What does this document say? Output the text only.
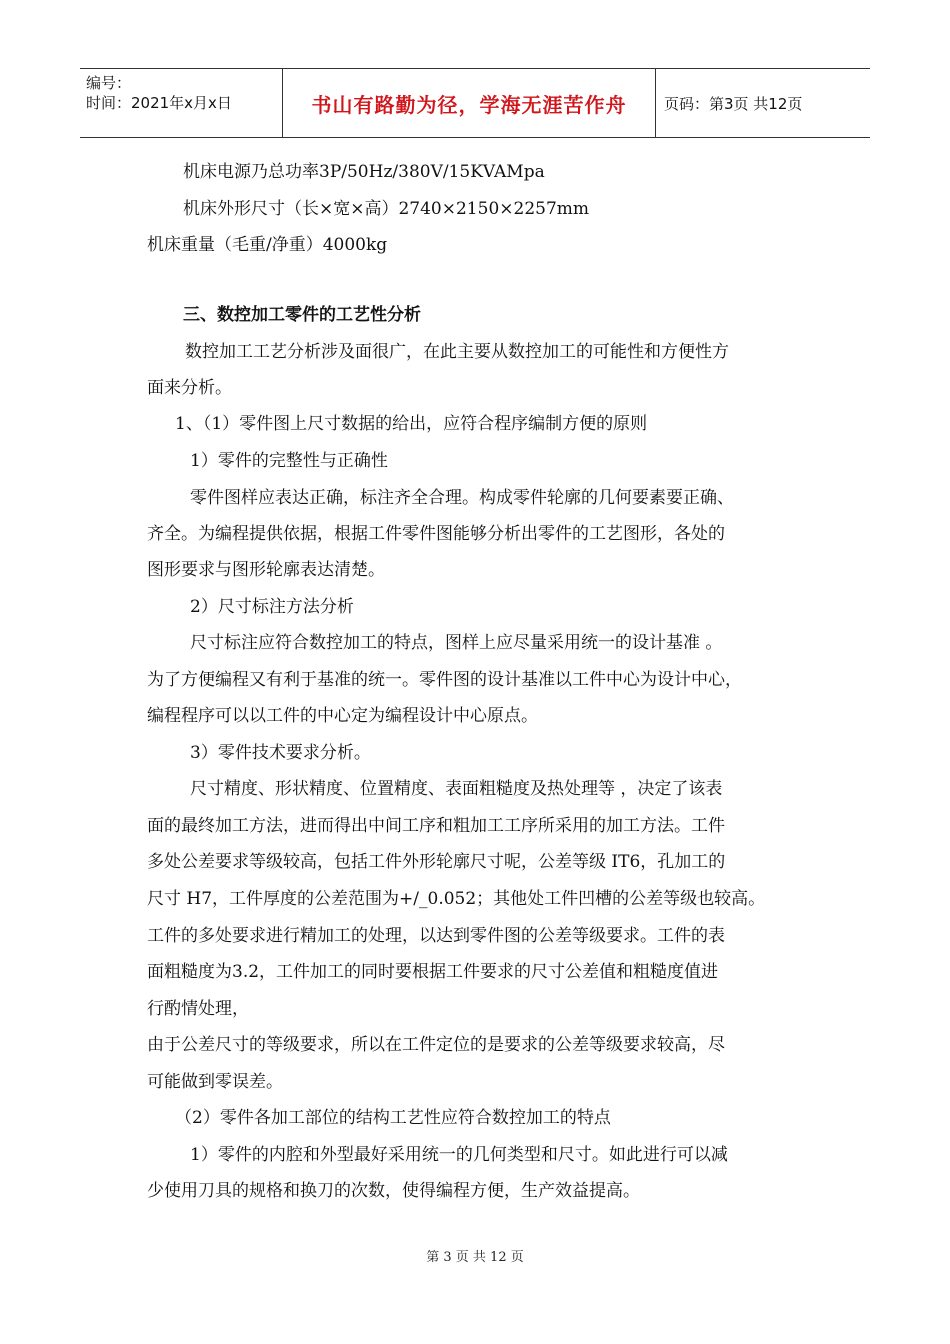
编号：
时间：2021年x月x日	书山有路勤为径，学海无涯苦作舟	页码：第3页 共12页
机床电源乃总功率3P/50Hz/380V/15KVAMpa
机床外形尺寸（长×宽×高）2740×2150×2257mm
机床重量（毛重/净重）4000kg
三、数控加工零件的工艺性分析
数控加工工艺分析涉及面很广，在此主要从数控加工的可能性和方便性方
面来分析。
1、（1）零件图上尺寸数据的给出，应符合程序编制方便的原则
1）零件的完整性与正确性
零件图样应表达正确，标注齐全合理。构成零件轮廓的几何要素要正确、
齐全。为编程提供依据，根据工件零件图能够分析出零件的工艺图形，各处的
图形要求与图形轮廓表达清楚。
2）尺寸标注方法分析
尺寸标注应符合数控加工的特点，图样上应尽量采用统一的设计基准 。
为了方便编程又有利于基准的统一。零件图的设计基准以工件中心为设计中心，
编程程序可以以工件的中心定为编程设计中心原点。
3）零件技术要求分析。
尺寸精度、形状精度、位置精度、表面粗糙度及热处理等 ，决定了该表
面的最终加工方法，进而得出中间工序和粗加工工序所采用的加工方法。工件
多处公差要求等级较高，包括工件外形轮廓尺寸呢，公差等级 IT6，孔加工的
尺寸 H7，工件厚度的公差范围为+/_0.052；其他处工件凹槽的公差等级也较高。
工件的多处要求进行精加工的处理，以达到零件图的公差等级要求。工件的表
面粗糙度为3.2，工件加工的同时要根据工件要求的尺寸公差值和粗糙度值进
行酌情处理，
由于公差尺寸的等级要求，所以在工件定位的是要求的公差等级要求较高，尽
可能做到零误差。
（2）零件各加工部位的结构工艺性应符合数控加工的特点
1）零件的内腔和外型最好采用统一的几何类型和尺寸。如此进行可以减
少使用刀具的规格和换刀的次数，使得编程方便，生产效益提高。
第 3 页 共 12 页
